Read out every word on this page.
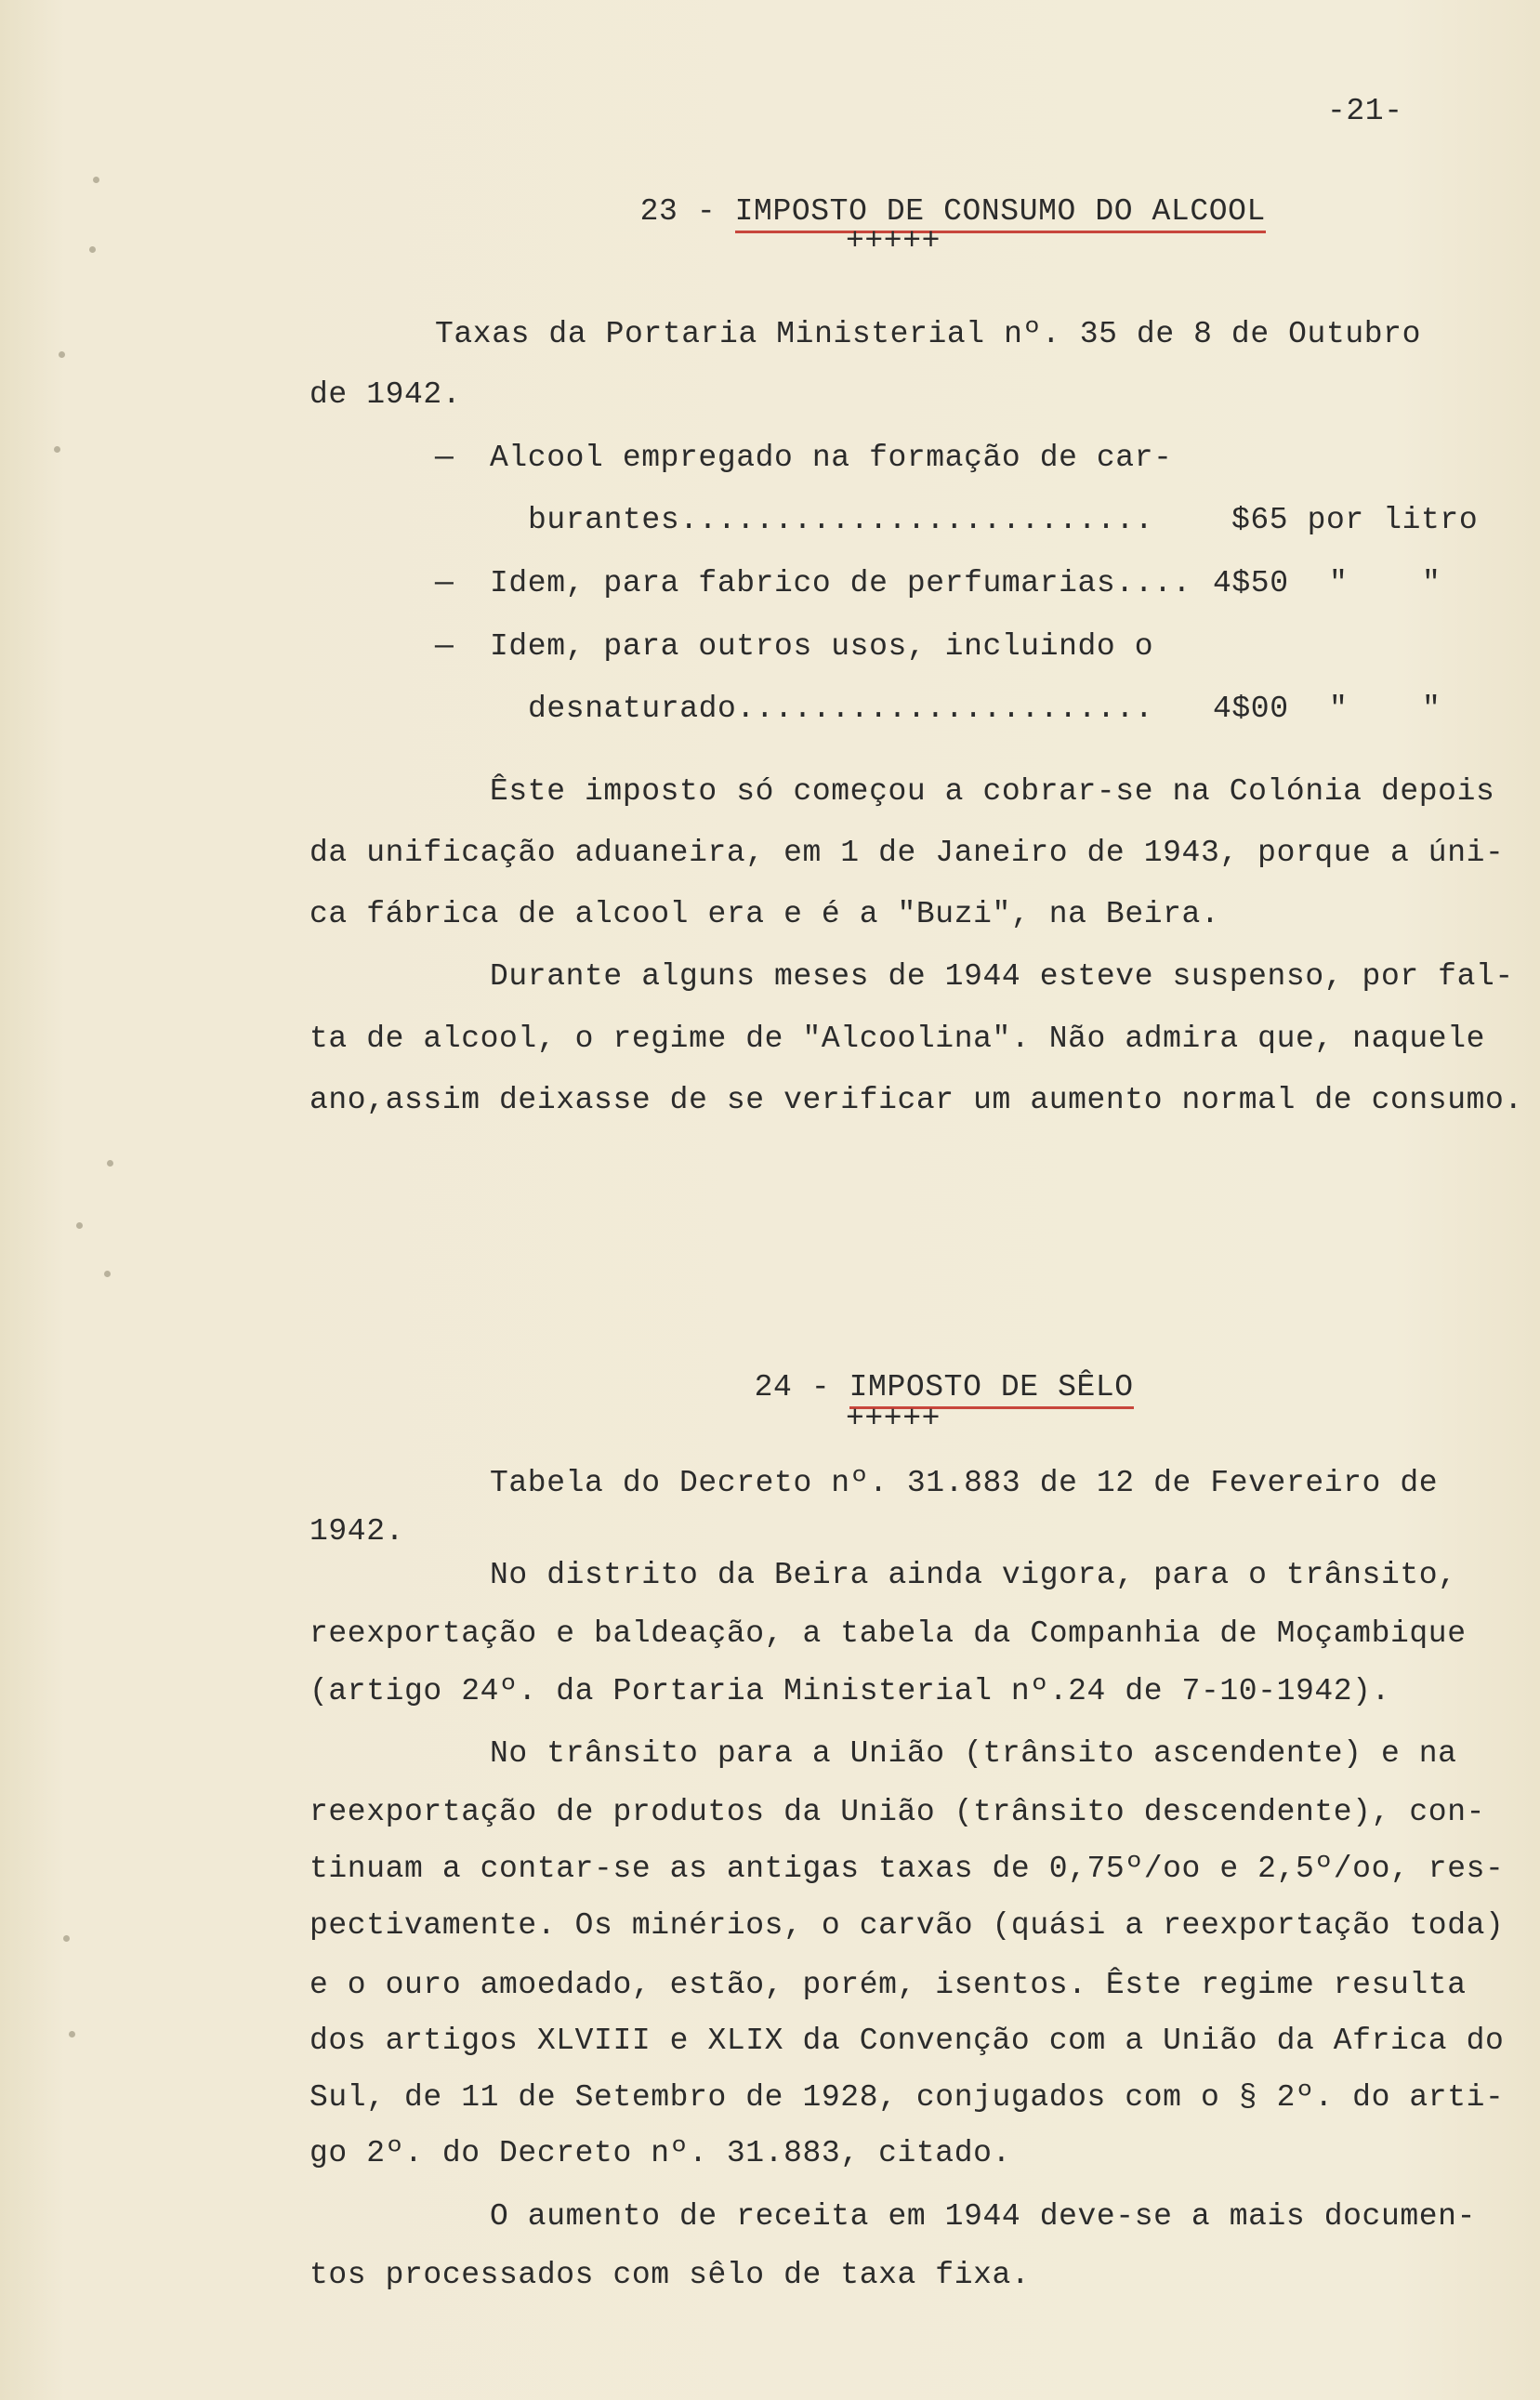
-21-

23 - IMPOSTO DE CONSUMO DO ALCOOL

+++++
Taxas da Portaria Ministerial nº. 35 de 8 de Outubro
de 1942.
— Alcool empregado na formação de car-
burantes.........................	$65 por litro
— Idem, para fabrico de perfumarias.... 4$50 " "
— Idem, para outros usos, incluindo o
desnaturado...................... 4$00 " "
Êste imposto só começou a cobrar-se na Colónia depois
da unificação aduaneira, em 1 de Janeiro de 1943, porque a úni-
ca fábrica de alcool era e é a "Buzi", na Beira.
Durante alguns meses de 1944 esteve suspenso, por fal-
ta de alcool, o regime de "Alcoolina". Não admira que, naquele
ano,assim deixasse de se verificar um aumento normal de consumo.

24 - IMPOSTO DE SÊLO

+++++
Tabela do Decreto nº. 31.883 de 12 de Fevereiro de
1942.
No distrito da Beira ainda vigora, para o trânsito,
reexportação e baldeação, a tabela da Companhia de Moçambique
(artigo 24º. da Portaria Ministerial nº.24 de 7-10-1942).
No trânsito para a União (trânsito ascendente) e na
reexportação de produtos da União (trânsito descendente), con-
tinuam a contar-se as antigas taxas de 0,75º/oo e 2,5º/oo, res-
pectivamente. Os minérios, o carvão (quási a reexportação toda)
e o ouro amoedado, estão, porém, isentos. Êste regime resulta
dos artigos XLVIII e XLIX da Convenção com a União da Africa do
Sul, de 11 de Setembro de 1928, conjugados com o § 2º. do arti-
go 2º. do Decreto nº. 31.883, citado.
O aumento de receita em 1944 deve-se a mais documen-
tos processados com sêlo de taxa fixa.
